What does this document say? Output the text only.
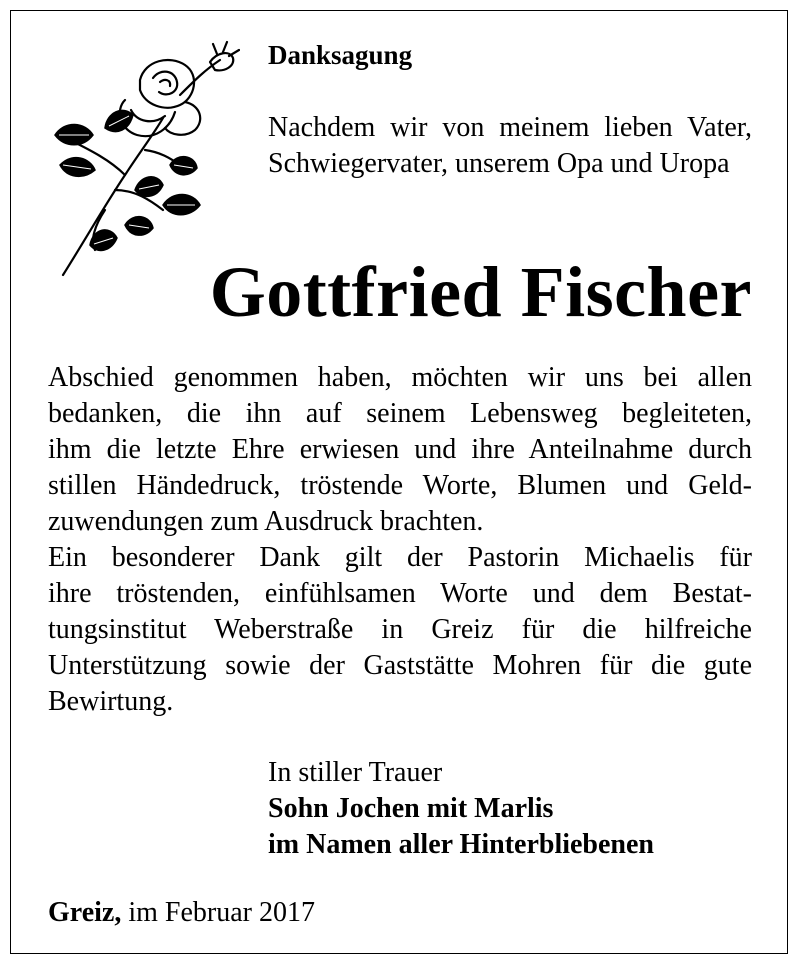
Danksagung
Nachdem wir von meinem lieben Vater, Schwiegervater, unserem Opa und Uropa
Gottfried Fischer
Abschied genommen haben, möchten wir uns bei allen
bedanken, die ihn auf seinem Lebensweg begleiteten,
ihm die letzte Ehre erwiesen und ihre Anteilnahme durch
stillen Händedruck, tröstende Worte, Blumen und Geld-
zuwendungen zum Ausdruck brachten.
Ein besonderer Dank gilt der Pastorin Michaelis für
ihre tröstenden, einfühlsamen Worte und dem Bestat-
tungsinstitut Weberstraße in Greiz für die hilfreiche
Unterstützung sowie der Gaststätte Mohren für die gute
Bewirtung.
In stiller Trauer
Sohn Jochen mit Marlis
im Namen aller Hinterbliebenen
Greiz, im Februar 2017
